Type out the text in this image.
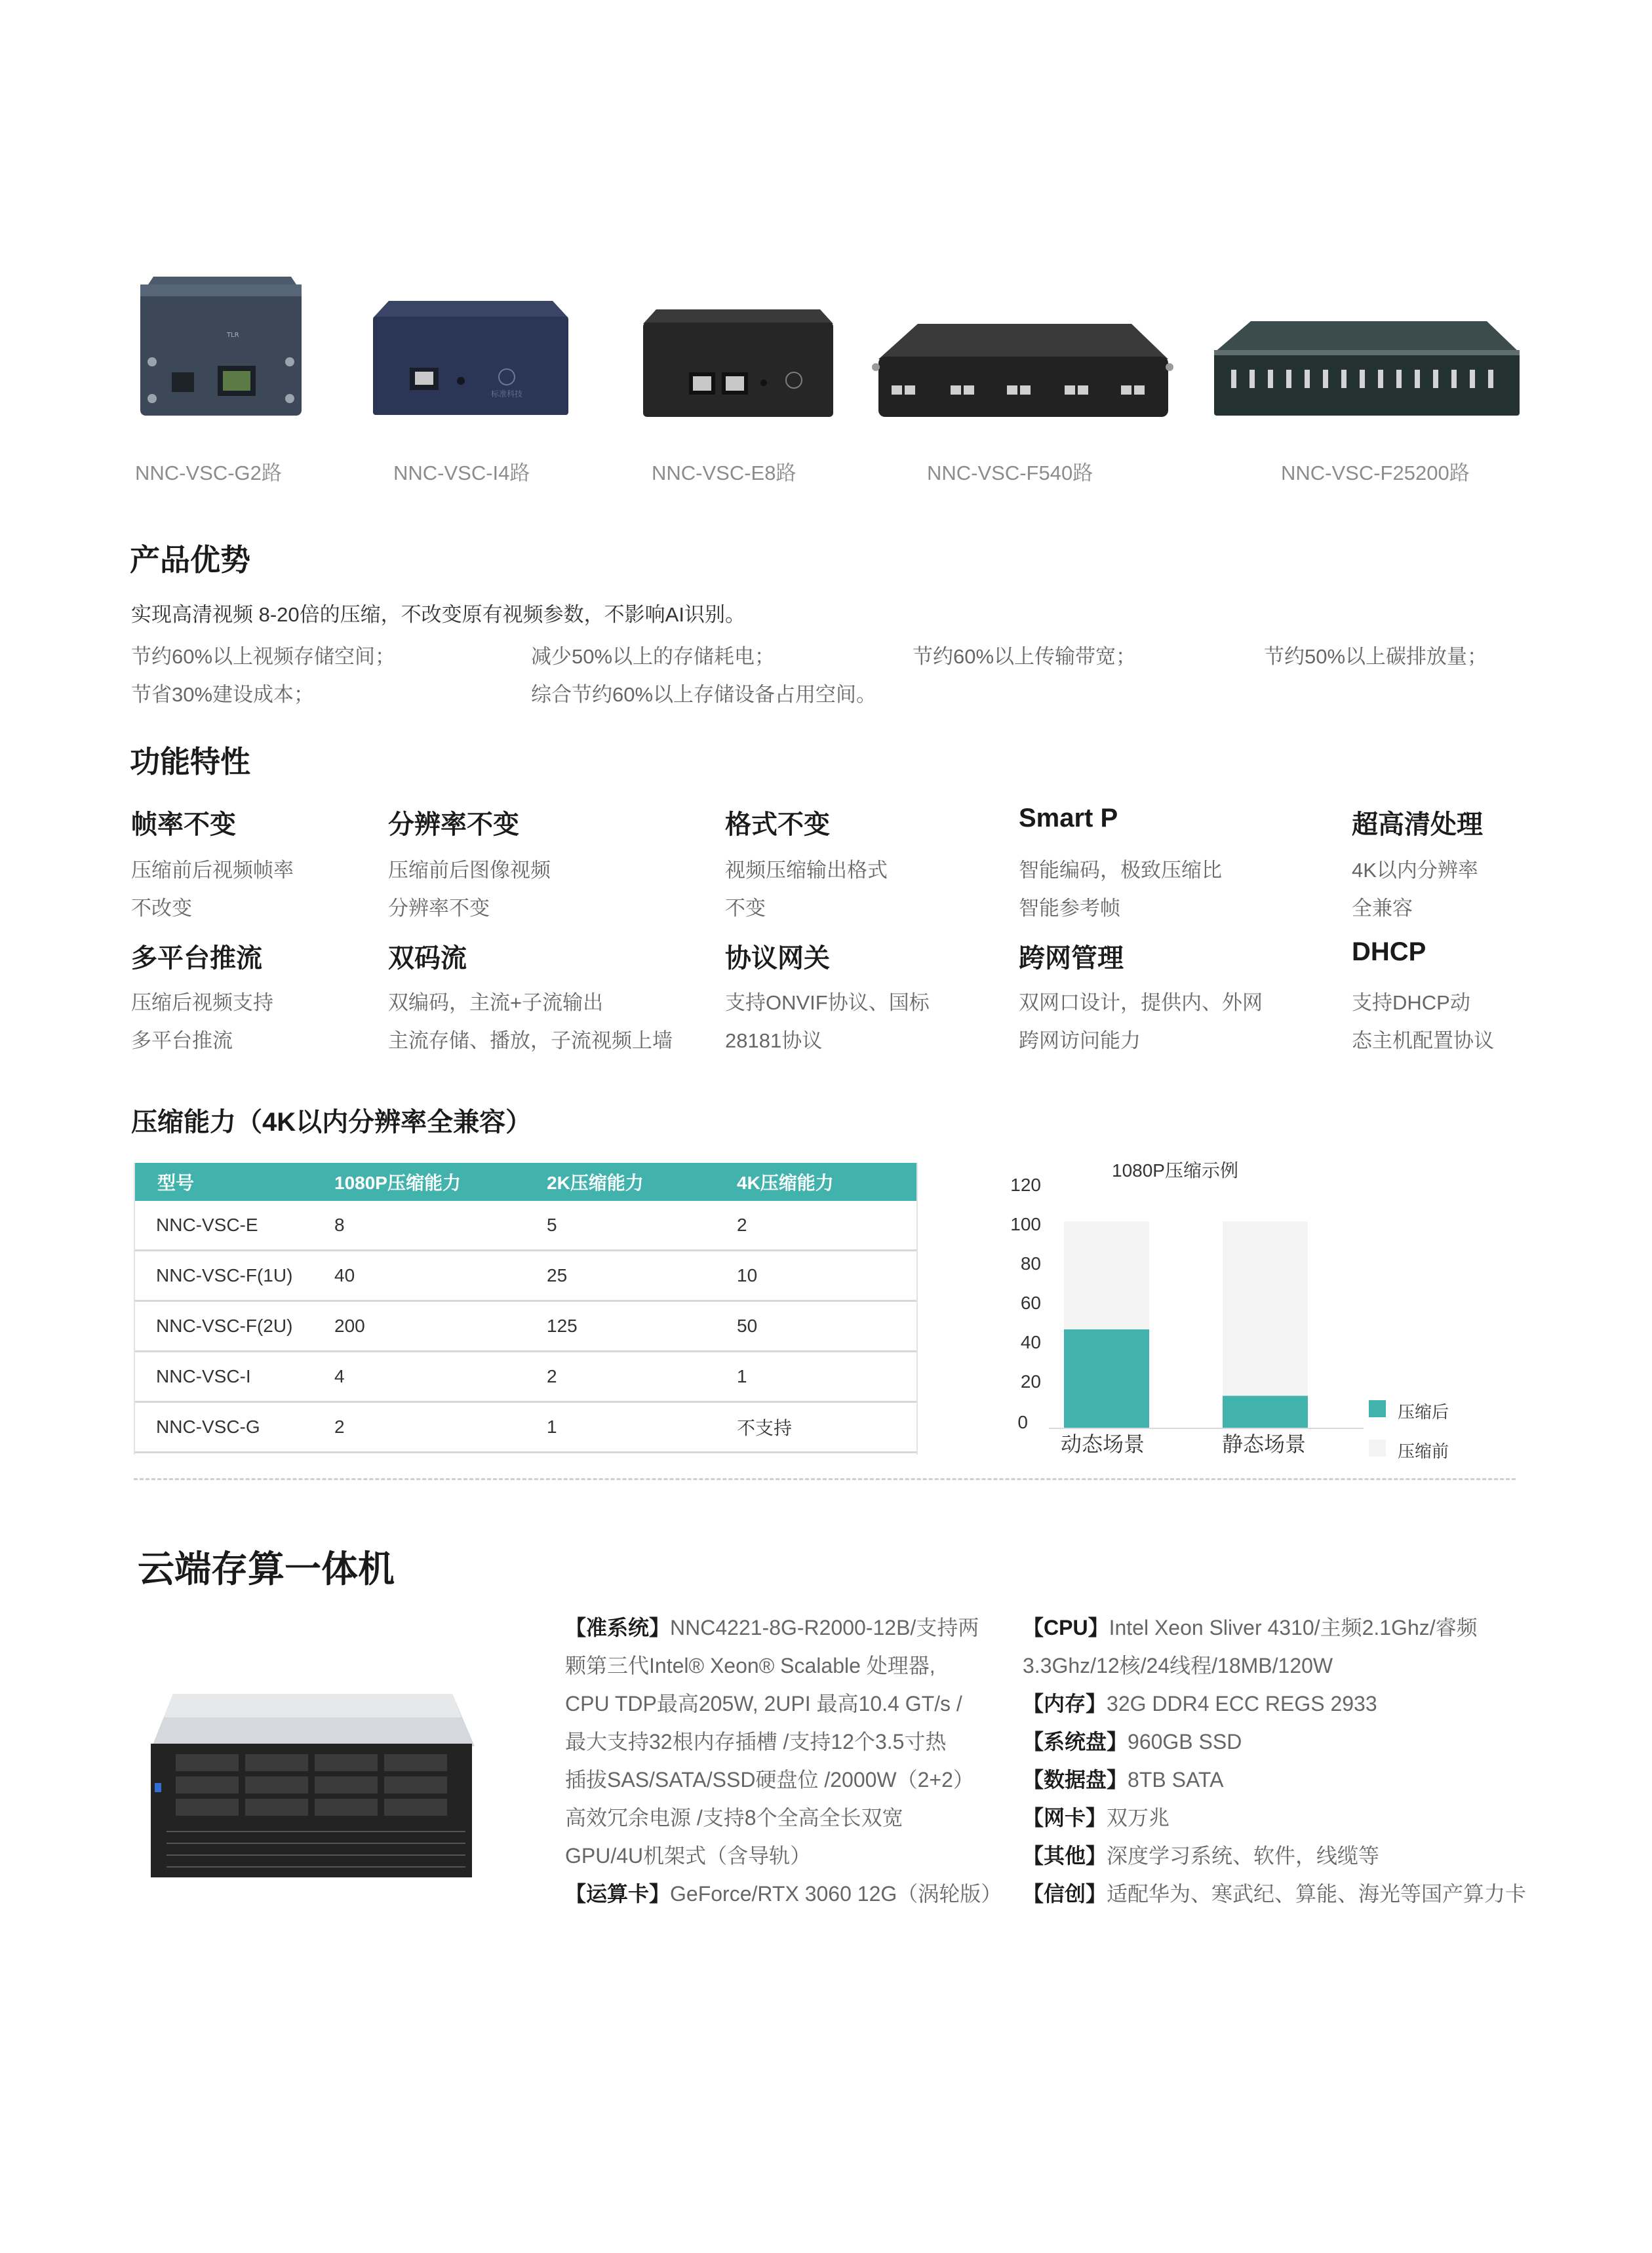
TLR
标准科技
NNC-VSC-G2路	NNC-VSC-I4路	NNC-VSC-E8路	NNC-VSC-F540路	NNC-VSC-F25200路
产品优势
实现高清视频 8-20倍的压缩，不改变原有视频参数，不影响AI识别。
节约60%以上视频存储空间；	减少50%以上的存储耗电；	节约60%以上传输带宽；	节约50%以上碳排放量；
节省30%建设成本；	综合节约60%以上存储设备占用空间。
功能特性
帧率不变
压缩前后视频帧率
不改变
分辨率不变
压缩前后图像视频
分辨率不变
格式不变
视频压缩输出格式
不变
Smart P
智能编码，极致压缩比
智能参考帧
超高清处理
4K以内分辨率
全兼容
多平台推流
压缩后视频支持
多平台推流
双码流
双编码，主流+子流输出
主流存储、播放，子流视频上墙
协议网关
支持ONVIF协议、国标
28181协议
跨网管理
双网口设计，提供内、外网
跨网访问能力
DHCP
支持DHCP动
态主机配置协议
压缩能力（4K以内分辨率全兼容）
型号	1080P压缩能力	2K压缩能力	4K压缩能力
NNC-VSC-E	8	5	2
NNC-VSC-F(1U)	40	25	10
NNC-VSC-F(2U)	200	125	50
NNC-VSC-I	4	2	1
NNC-VSC-G	2	1	不支持
1080P压缩示例
120
100
80
60
40
20
0
动态场景	静态场景
压缩后
压缩前
云端存算一体机
【准系统】NNC4221-8G-R2000-12B/支持两
颗第三代Intel® Xeon® Scalable 处理器,
CPU TDP最高205W, 2UPI 最高10.4 GT/s /
最大支持32根内存插槽 /支持12个3.5寸热
插拔SAS/SATA/SSD硬盘位 /2000W（2+2）
高效冗余电源 /支持8个全高全长双宽
GPU/4U机架式（含导轨）
【运算卡】GeForce/RTX 3060 12G（涡轮版）
【CPU】Intel Xeon Sliver 4310/主频2.1Ghz/睿频
3.3Ghz/12核/24线程/18MB/120W
【内存】32G DDR4 ECC REGS 2933
【系统盘】960GB SSD
【数据盘】8TB SATA
【网卡】双万兆
【其他】深度学习系统、软件，线缆等
【信创】适配华为、寒武纪、算能、海光等国产算力卡
